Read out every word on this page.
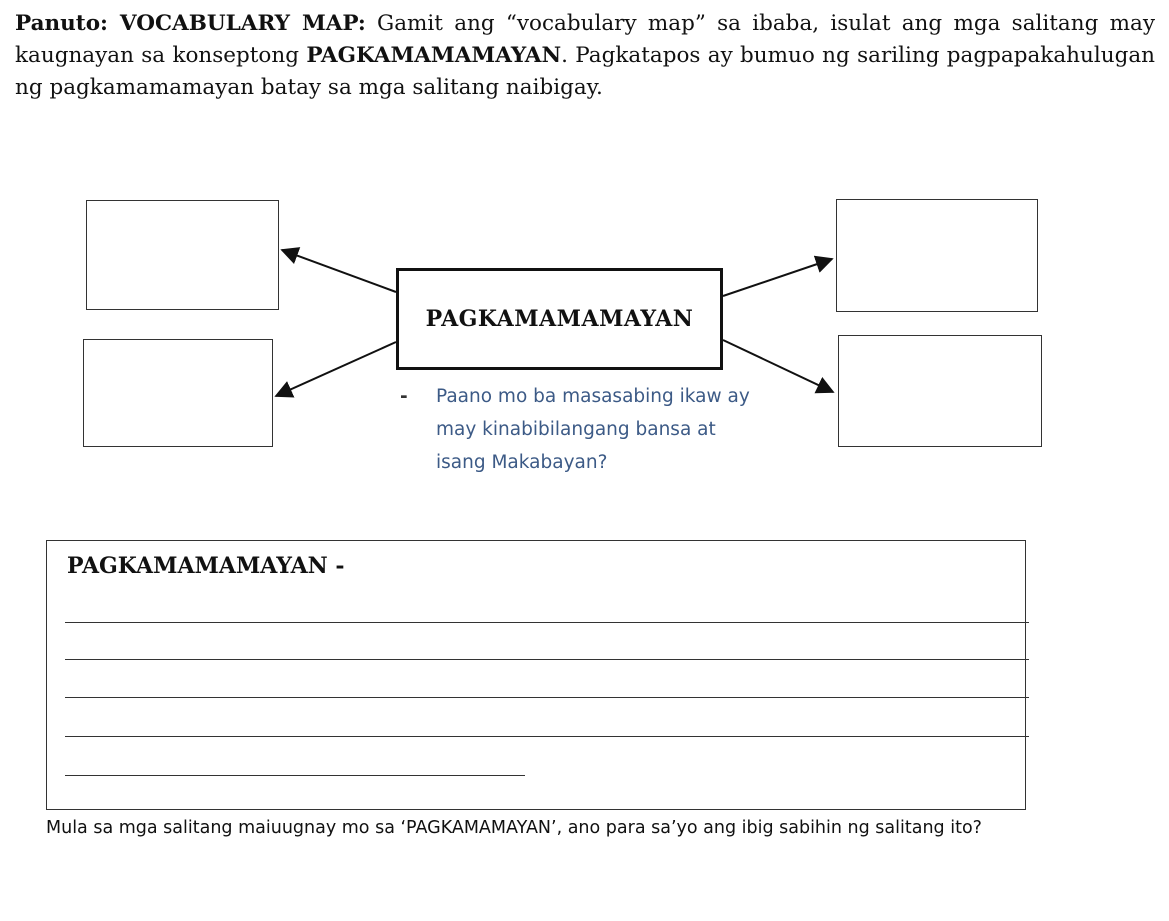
Panuto: VOCABULARY MAP: Gamit ang “vocabulary map” sa ibaba, isulat ang mga salitang may kaugnayan sa konseptong PAGKAMAMAMAYAN. Pagkatapos ay bumuo ng sariling pagpapakahulugan ng pagkamamamayan batay sa mga salitang naibigay.

PAGKAMAMAMAYAN
- Paano mo ba masasabing ikaw ay may kinabibilangang bansa at isang Makabayan?
PAGKAMAMAMAYAN -
Mula sa mga salitang maiuugnay mo sa ‘PAGKAMAMAYAN’, ano para sa’yo ang ibig sabihin ng salitang ito?
